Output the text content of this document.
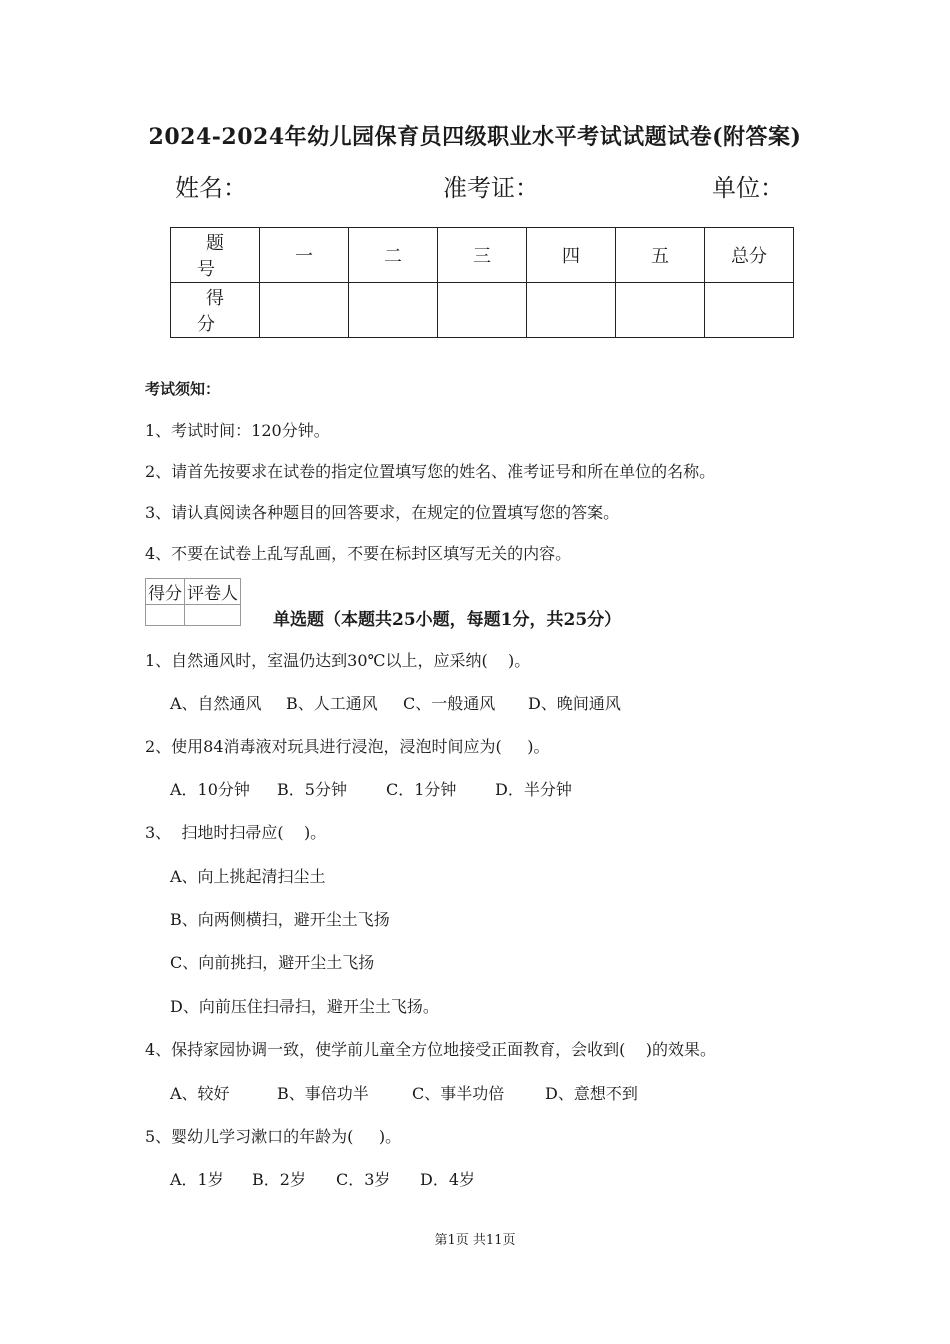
2024-2024年幼儿园保育员四级职业水平考试试题试卷(附答案)
姓名：	准考证：	单位：
题 号	一	二	三	四	五	总分
得 分						
考试须知：
1、考试时间：120分钟。
2、请首先按要求在试卷的指定位置填写您的姓名、准考证号和所在单位的名称。
3、请认真阅读各种题目的回答要求，在规定的位置填写您的答案。
4、不要在试卷上乱写乱画，不要在标封区填写无关的内容。
得分	评卷人

单选题（本题共25小题，每题1分，共25分）
1、自然通风时，室温仍达到30℃以上，应采纳(    )。
A、自然通风 B、人工通风 C、一般通风 D、晚间通风
2、使用84消毒液对玩具进行浸泡，浸泡时间应为(     )。
A．10分钟 B．5分钟 C．1分钟 D．半分钟
3、  扫地时扫帚应(    )。
A、向上挑起清扫尘土
B、向两侧横扫，避开尘土飞扬
C、向前挑扫，避开尘土飞扬
D、向前压住扫帚扫，避开尘土飞扬。
4、保持家园协调一致，使学前儿童全方位地接受正面教育，会收到(    )的效果。
A、较好	B、事倍功半	C、事半功倍	D、意想不到
5、婴幼儿学习漱口的年龄为(     )。
A．1岁 B．2岁 C．3岁 D．4岁
第1页 共11页
